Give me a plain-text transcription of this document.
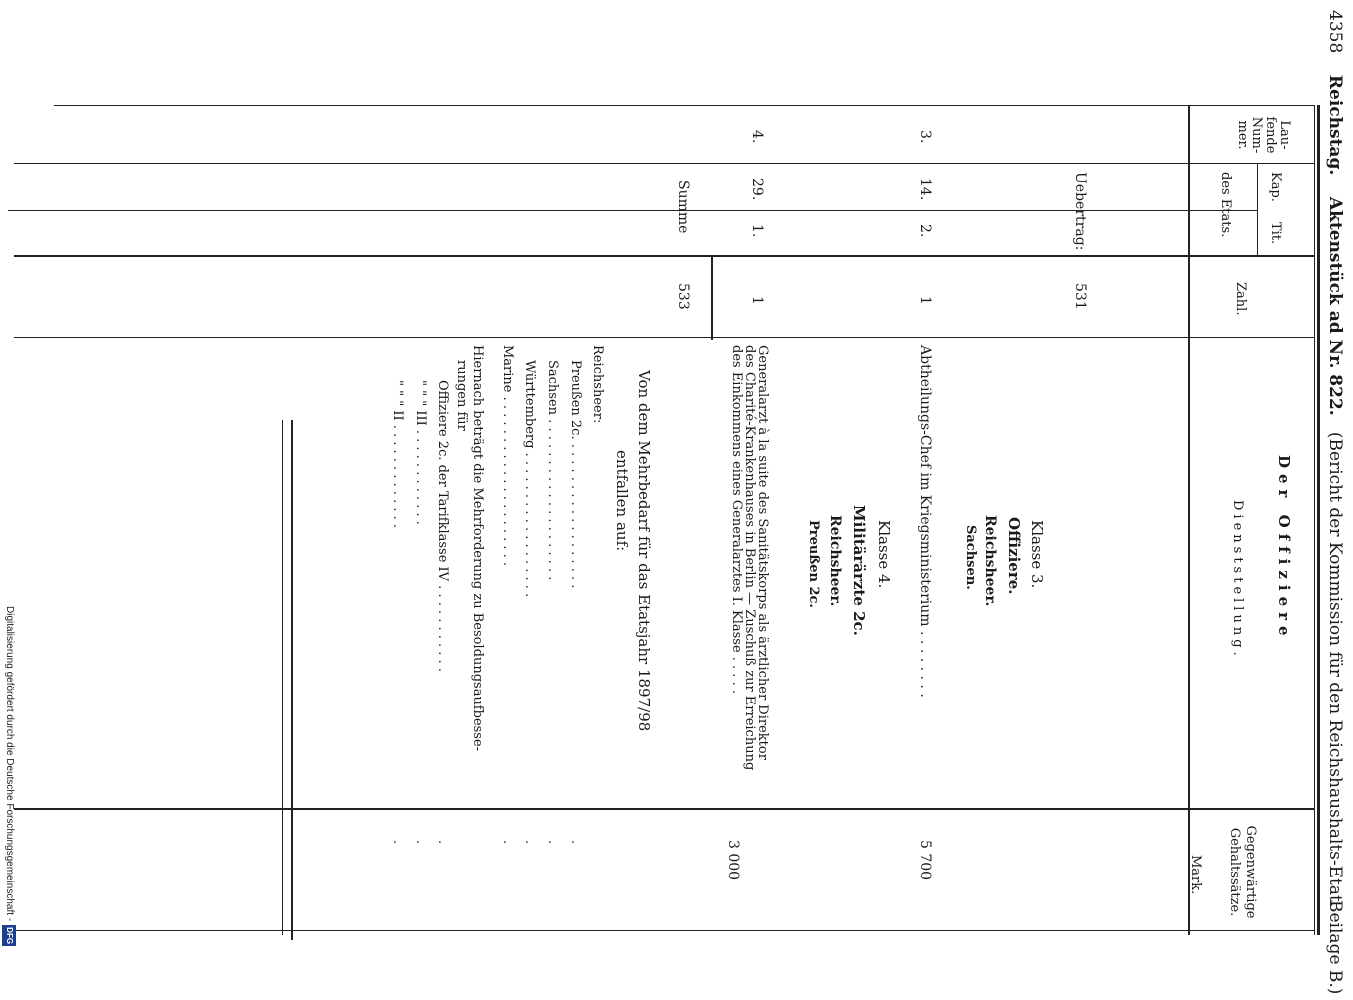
4358    Reichstag.    Aktenstück ad Nr. 822.   (Bericht der Kommission für den Reichshaushalts-Etat.
Beilage B.)
Lau-
fende
Num-
mer.
Kap.
Tit.
des Etats.
Zahl.
Der Offiziere
Dienststellung.
Gegenwärtige
Gehaltssätze.
Mark.
Uebertrag:
531
Klasse 3.
Offiziere.
Reichsheer.
Sachsen.
3.
14.
2.
1
Abtheilungs-Chef im Kriegsministerium . . . . . . . .
5 700
Klasse 4.
Militärärzte 2c.
Reichsheer.
Preußen 2c.
4.
29.
1.
1
Generalarzt à la suite des Sanitätskorps als ärztlicher Direktor
des Charité-Krankenhauses in Berlin — Zuschuß zur Erreichung
des Einkommens eines Generalarztes I. Klasse . . . . .
3 000
Summe
533
Von dem Mehrbedarf für das Etatsjahr 1897/98
entfallen auf:
Reichsheer:
Preußen 2c. . . . . . . . . . . . . . . . . . .
Sachsen . . . . . . . . . . . . . . . . . . . .
Württemberg . . . . . . . . . . . . . . . . . .
Marine . . . . . . . . . . . . . . . . . . . . .
Hiernach beträgt die Mehrforderung zu Besoldungsaufbesse-
rungen für
Offiziere 2c. der Tarifklasse IV . . . . . . . . . . .
" " " III . . . . . . . . . . . .
" " " II . . . . . . . . . . . . .
.
.
.
.
.
.
.
Digitalisierung gefördert durch die Deutsche Forschungsgemeinschaft -DFG
